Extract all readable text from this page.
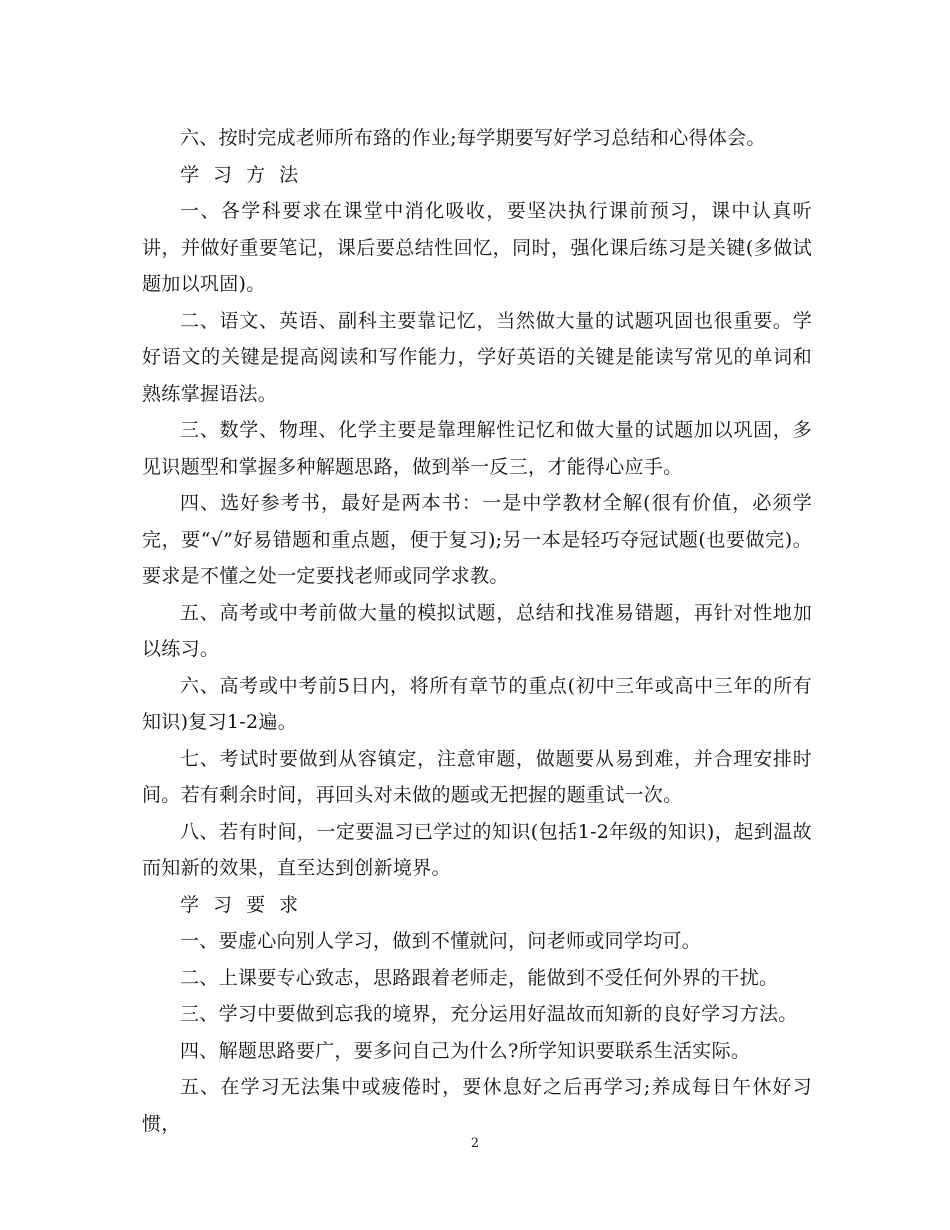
六、按时完成老师所布臵的作业;每学期要写好学习总结和心得体会。

学 习 方 法

一、各学科要求在课堂中消化吸收，要坚决执行课前预习，课中认真听讲，并做好重要笔记，课后要总结性回忆，同时，强化课后练习是关键(多做试题加以巩固)。

二、语文、英语、副科主要靠记忆，当然做大量的试题巩固也很重要。学好语文的关键是提高阅读和写作能力，学好英语的关键是能读写常见的单词和熟练掌握语法。

三、数学、物理、化学主要是靠理解性记忆和做大量的试题加以巩固，多见识题型和掌握多种解题思路，做到举一反三，才能得心应手。

四、选好参考书，最好是两本书：一是中学教材全解(很有价值，必须学完，要“√”好易错题和重点题，便于复习);另一本是轻巧夺冠试题(也要做完)。要求是不懂之处一定要找老师或同学求教。

五、高考或中考前做大量的模拟试题，总结和找准易错题，再针对性地加以练习。

六、高考或中考前5日内，将所有章节的重点(初中三年或高中三年的所有知识)复习1-2遍。

七、考试时要做到从容镇定，注意审题，做题要从易到难，并合理安排时间。若有剩余时间，再回头对未做的题或无把握的题重试一次。

八、若有时间，一定要温习已学过的知识(包括1-2年级的知识)，起到温故而知新的效果，直至达到创新境界。

学 习 要 求

一、要虚心向别人学习，做到不懂就问，问老师或同学均可。

二、上课要专心致志，思路跟着老师走，能做到不受任何外界的干扰。

三、学习中要做到忘我的境界，充分运用好温故而知新的良好学习方法。

四、解题思路要广，要多问自己为什么?所学知识要联系生活实际。

五、在学习无法集中或疲倦时，要休息好之后再学习;养成每日午休好习惯，

2
